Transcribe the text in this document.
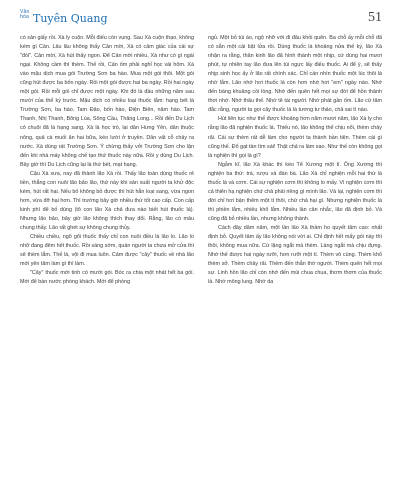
Văn hóa Tuyên Quang	51

có sản giấy rồi. Xà ly cuộn. Mỗi điếu còn vụng. Sau Xà cuộn thạo, không kém gì Cản. Lâu lâu không thấy Cản mời, Xà có cảm giác của cái sự "đói". Cản mời, Xà hút thấy ngon. Để Cản mời nhiều, Xà như có gì ngài ngại. Không cầm thì thèm. Thế rồi, Cản ốm phải nghỉ học vài hôm. Xà vào mậu dịch mua gói Trường Sơn ba hào. Mua một gói thôi. Một gói cũng hút được ba bốn ngày. Rồi một gói được hai ba ngày. Rồi hai ngày một gói. Rồi mỗi gói chỉ được một ngày. Khi đó là đầu những năm sau mười của thế kỷ trước. Mậu dịch có nhiều loại thuốc lắm: hạng bét là Trường Sơn, ba hào. Tam Đảo, bốn hào, Điện Biên, năm hào. Tam Thanh, Nhị Thanh, Bông Lúa, Sông Cầu, Thăng Long... Rồi đến Du Lịch có chuôi đã là hạng sang. Xà là học trò, lại dân Hưng Yên, dân thuộc nông, quả cà muối ăn hai bữa, kéo lười ở truyền. Dân vất cỗ chảy ra nước. Xà dùng rát Trường Sơn. Ý chừng thấy vởi Trường Sơn cho lận đến khi nhà máy không chế tạo thứ thuốc này nữa. Rồi y dùng Du Lịch. Bây giờ thì Du Lịch cũng lại là thứ bét, mạt hạng.

Cậu Xà xưa, nay đã thành lão Xà rồi. Thấy lão toàn dùng thuốc rẻ tiền, thẳng con nuôi lão bảo lão, thứ này khi sản xuất người ta khử độc kém, hút rất hại. Nếu bỏ không bỏ được thì hút hẳn loại sang, vừa ngon hơn, vừa đỡ hại hơn. Thì trường bây giờ nhiều thứ tốt cao cấp. Con cấp kinh phí để bố dùng (tô con lão Xà chả đưa nào biết hút thuốc lá). Nhưng lão bảo, bây giờ lão không thích thay đổi. Rằng, lão có mâu chung thấy. Lão rất ghét sự không chung thủy.

Chiều chiều, ngõ gõi thuốc thấy chỉ con nuôi điều là lão lo. Lão lo nhỡ đang đêm hết thuốc. Rồi sáng sớm, quán người ta chưa mở cửa thì sẽ thèm lắm. Thế là, vội đi mua luôn. Cảm được "cây" thuốc về nhà lão mới yên tâm làm gì thì làm.

"Cây" thuốc mới tinh có mười gói. Bóc ra chia một nhát hết ba gói. Mới để bàn nước phòng khách. Mới để phòng

ngủ. Một bỏ túi áo, ngộ nhỡ với đi đâu khỏi quên. Ba chỗ ấy mỗi chỗ đã có sẵn một cái bật lửa rồi. Dùng thuốc lá khoảng nửa thế kỷ, lão Xà nhận ra rằng, thân kinh lão đã hình thành một nhịp, cứ dùng hai mươi phút, tự nhiên tay lão đưa lên túi ngực lấy điếu thuốc. Ai để ý, sẽ thấy nhịp sinh học ấy ở lão rất chính xác. Chỉ cần nhìn thuốc một lúc thôi là nhớ lắm. Lão nhớ hơi thuốc lá còn hơn nhớ hơi "em" ngày nào. Nhớ đến bàng khuâng cồi lòng. Nhớ đến quên hết mọi sự đời để hồn thảnh thơi nhớ. Nhớ thâu thế. Nhớ tê tái người. Nhớ phát gần ốm. Lão cứ tâm đắc rằng, người ta gọi cây thuốc lá là tương tư thảo, chả sai tí nào.

Hút liên tục như thế được khoảng hơn năm mươi năm, lão Xà ly cho rằng lão đã nghiện thuốc lá. Thiếu nó, lão không thể chịu nổi, thèm chảy rãi. Cái sự thèm rất dễ làm cho người ta thành bần tiện. Thèm cái gì cũng thế. Đổ gạt tàn tìm sái! Thật chả ra làm sao. Như thế còn không gọi là nghiện thì gọi là gì?

Ngẫm kĩ, lão Xà khác thì kéo Tể Xương một tí. Ông Xương thì nghiện ba thứ: trà, rượu và đàn bà. Lão Xà chỉ nghiện mỗi hai thứ là thuốc lá và cơm. Cái sự nghiện cơm thì không lo mấy. Vì nghiện cơm thì cả thiên hạ nghiện chứ chả phải riêng gì mình lão. Và lại, nghiện cơm thì đời chỉ hơi bận thêm một tí thôi, chứ chả hại gì. Nhưng nghiện thuốc lá thì phiền lắm, nhiều khổ lắm. Nhiều lần cân nhắc, lão đã định bỏ. Và cũng đã bỏ nhiều lần, nhưng không thành.

Cách đây dăm năm, một lần lão Xà thầm ho quyết tâm cao: nhất định bỏ. Quyết tâm ấy lão không nói với ai. Chỉ định hết mấy gói này thì thôi, không mua nữa. Cứ lặng ngắt mà thèm. Làng ngắt mà chịu đựng. Nhớ thế được hai ngày rưỡi, hơn rưỡi một tí. Thèm vô cùng. Thèm khổ thèm sở. Thèm chảy rãi. Thèm đến thẫn thờ người. Thèm quên hết mọi sự. Linh hồn lão chỉ còn nhớ đến mùi chua chua, thơm thơm của thuốc lá. Nhớ mông lung. Nhớ da
